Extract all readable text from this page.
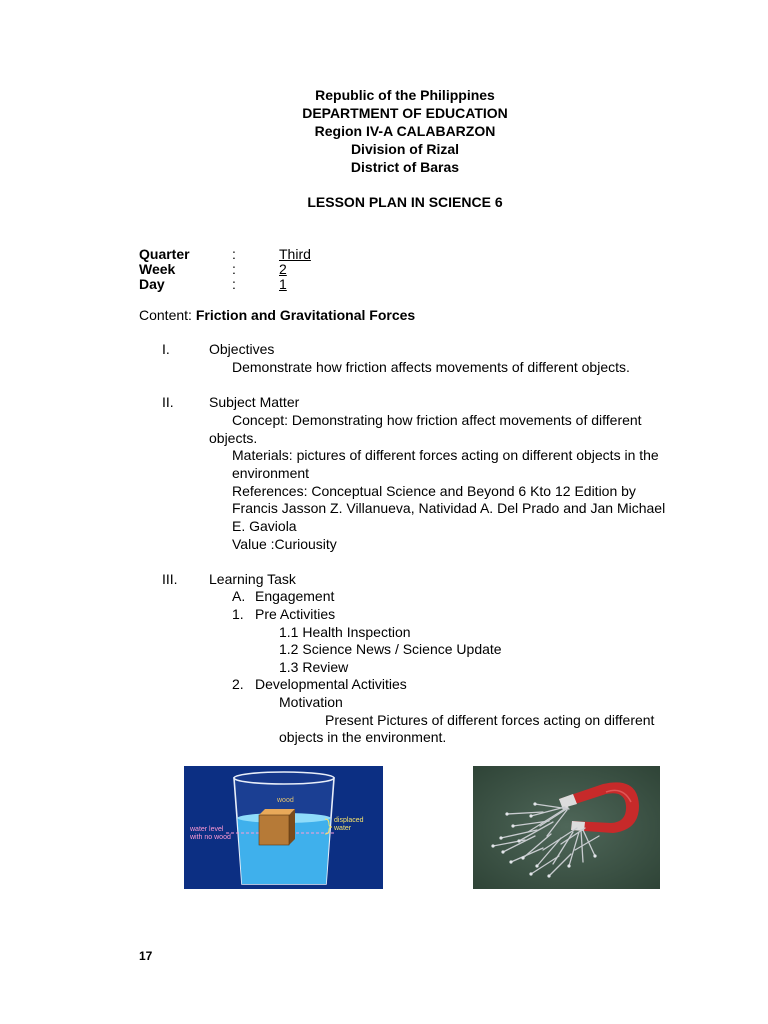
Republic of the Philippines
DEPARTMENT OF EDUCATION
Region IV-A CALABARZON
Division of Rizal
District of Baras
LESSON PLAN IN SCIENCE 6
Quarter	:	Third
Week	:	2
Day	:	1
Content: Friction and Gravitational Forces
I.	Objectives
Demonstrate how friction affects movements of different objects.
II.	Subject Matter
Concept: Demonstrating how friction affect movements of different
objects.
Materials: pictures of different forces acting on different objects in the
environment
References: Conceptual Science and Beyond 6 Kto 12 Edition by
Francis Jasson Z. Villanueva, Natividad A. Del Prado and Jan Michael
E. Gaviola
Value :Curiousity
III. Learning Task
A. Engagement
1. Pre Activities
1.1 Health Inspection
1.2 Science News / Science Update
1.3 Review
2. Developmental Activities
Motivation
Present Pictures of different forces acting on different
objects in the environment.
wood
displaced
water
water level
with no wood
17
